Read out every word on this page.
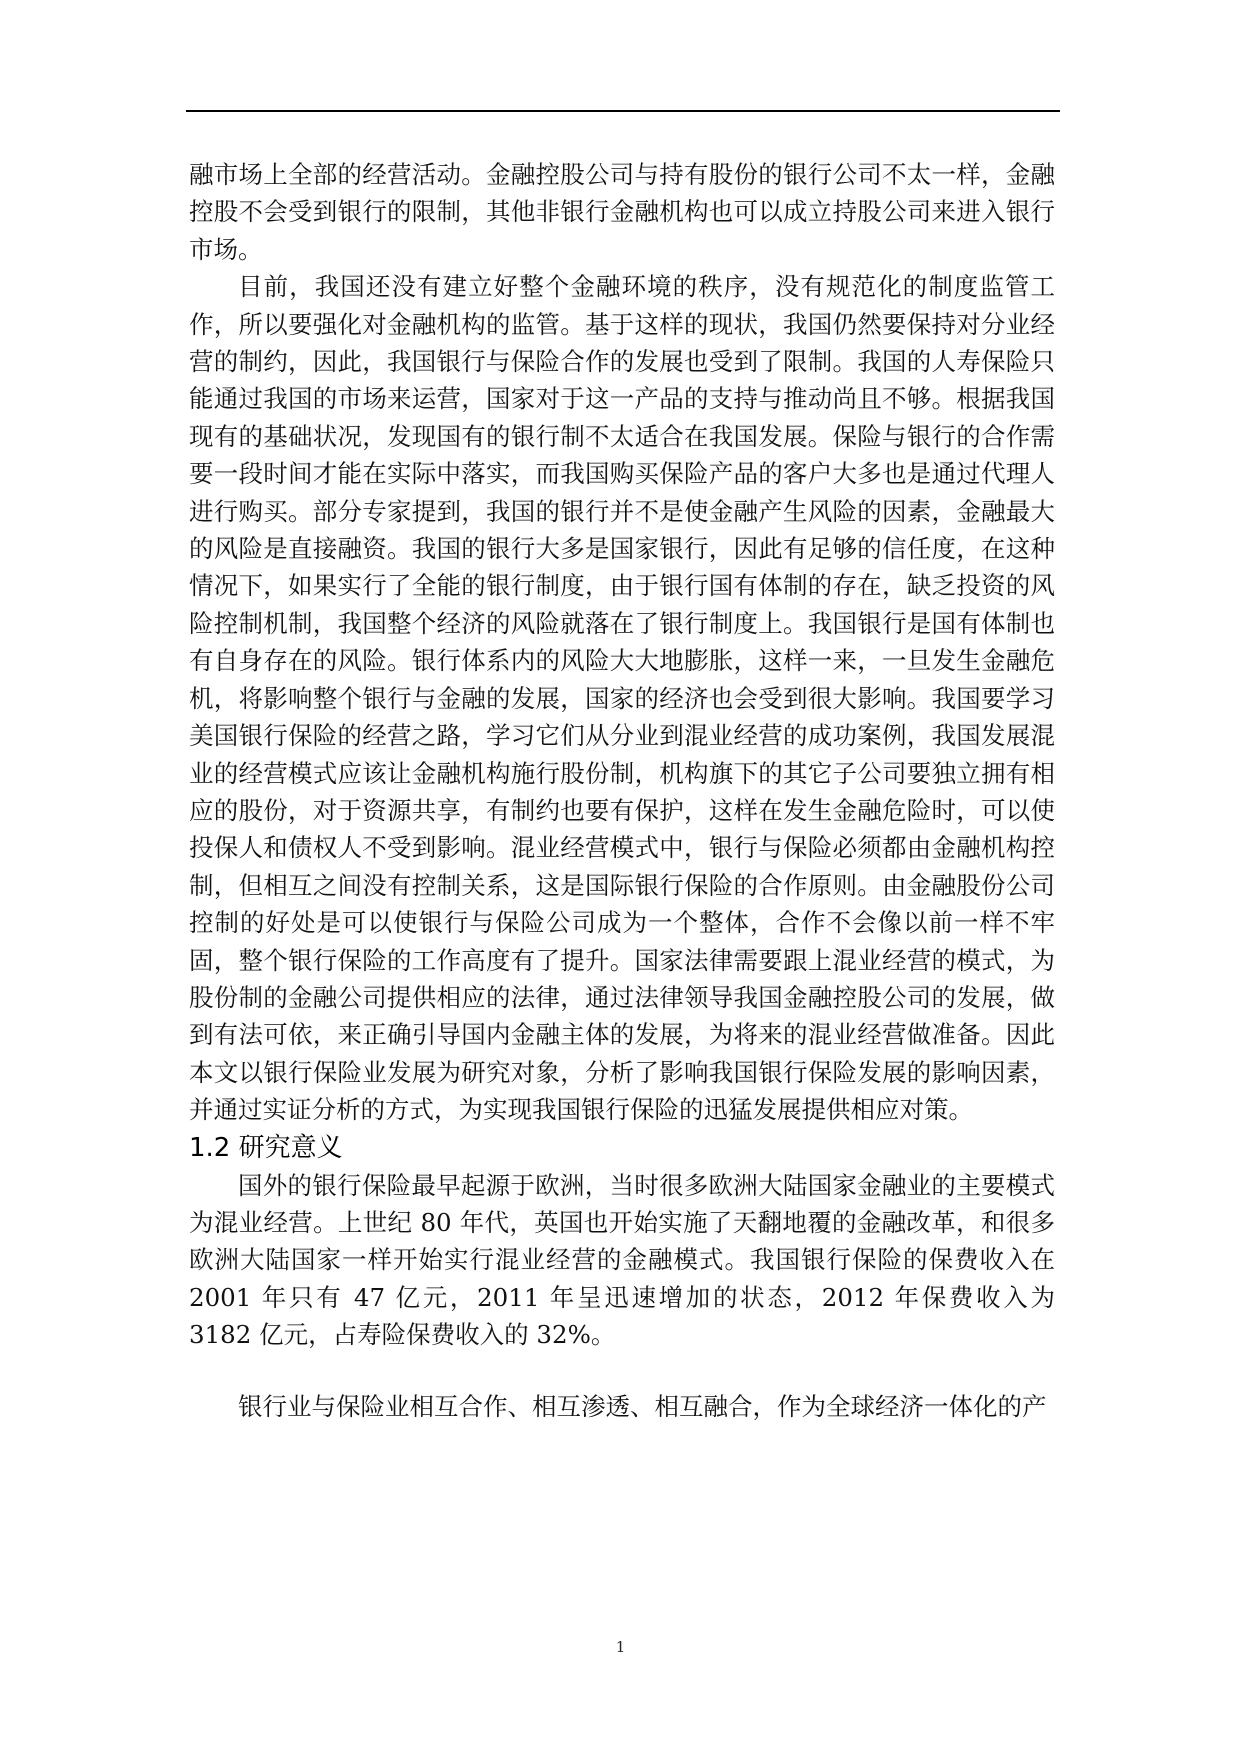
融市场上全部的经营活动。金融控股公司与持有股份的银行公司不太一样，金融控股不会受到银行的限制，其他非银行金融机构也可以成立持股公司来进入银行市场。

目前，我国还没有建立好整个金融环境的秩序，没有规范化的制度监管工作，所以要强化对金融机构的监管。基于这样的现状，我国仍然要保持对分业经营的制约，因此，我国银行与保险合作的发展也受到了限制。我国的人寿保险只能通过我国的市场来运营，国家对于这一产品的支持与推动尚且不够。根据我国现有的基础状况，发现国有的银行制不太适合在我国发展。保险与银行的合作需要一段时间才能在实际中落实，而我国购买保险产品的客户大多也是通过代理人进行购买。部分专家提到，我国的银行并不是使金融产生风险的因素，金融最大的风险是直接融资。我国的银行大多是国家银行，因此有足够的信任度，在这种情况下，如果实行了全能的银行制度，由于银行国有体制的存在，缺乏投资的风险控制机制，我国整个经济的风险就落在了银行制度上。我国银行是国有体制也有自身存在的风险。银行体系内的风险大大地膨胀，这样一来，一旦发生金融危机，将影响整个银行与金融的发展，国家的经济也会受到很大影响。我国要学习美国银行保险的经营之路，学习它们从分业到混业经营的成功案例，我国发展混业的经营模式应该让金融机构施行股份制，机构旗下的其它子公司要独立拥有相应的股份，对于资源共享，有制约也要有保护，这样在发生金融危险时，可以使投保人和债权人不受到影响。混业经营模式中，银行与保险必须都由金融机构控制，但相互之间没有控制关系，这是国际银行保险的合作原则。由金融股份公司控制的好处是可以使银行与保险公司成为一个整体，合作不会像以前一样不牢固，整个银行保险的工作高度有了提升。国家法律需要跟上混业经营的模式，为股份制的金融公司提供相应的法律，通过法律领导我国金融控股公司的发展，做到有法可依，来正确引导国内金融主体的发展，为将来的混业经营做准备。因此本文以银行保险业发展为研究对象，分析了影响我国银行保险发展的影响因素，并通过实证分析的方式，为实现我国银行保险的迅猛发展提供相应对策。

1.2 研究意义

国外的银行保险最早起源于欧洲，当时很多欧洲大陆国家金融业的主要模式为混业经营。上世纪 80 年代，英国也开始实施了天翻地覆的金融改革，和很多欧洲大陆国家一样开始实行混业经营的金融模式。我国银行保险的保费收入在 2001 年只有 47 亿元，2011 年呈迅速增加的状态，2012 年保费收入为 3182 亿元，占寿险保费收入的 32%。

银行业与保险业相互合作、相互渗透、相互融合，作为全球经济一体化的产

1
